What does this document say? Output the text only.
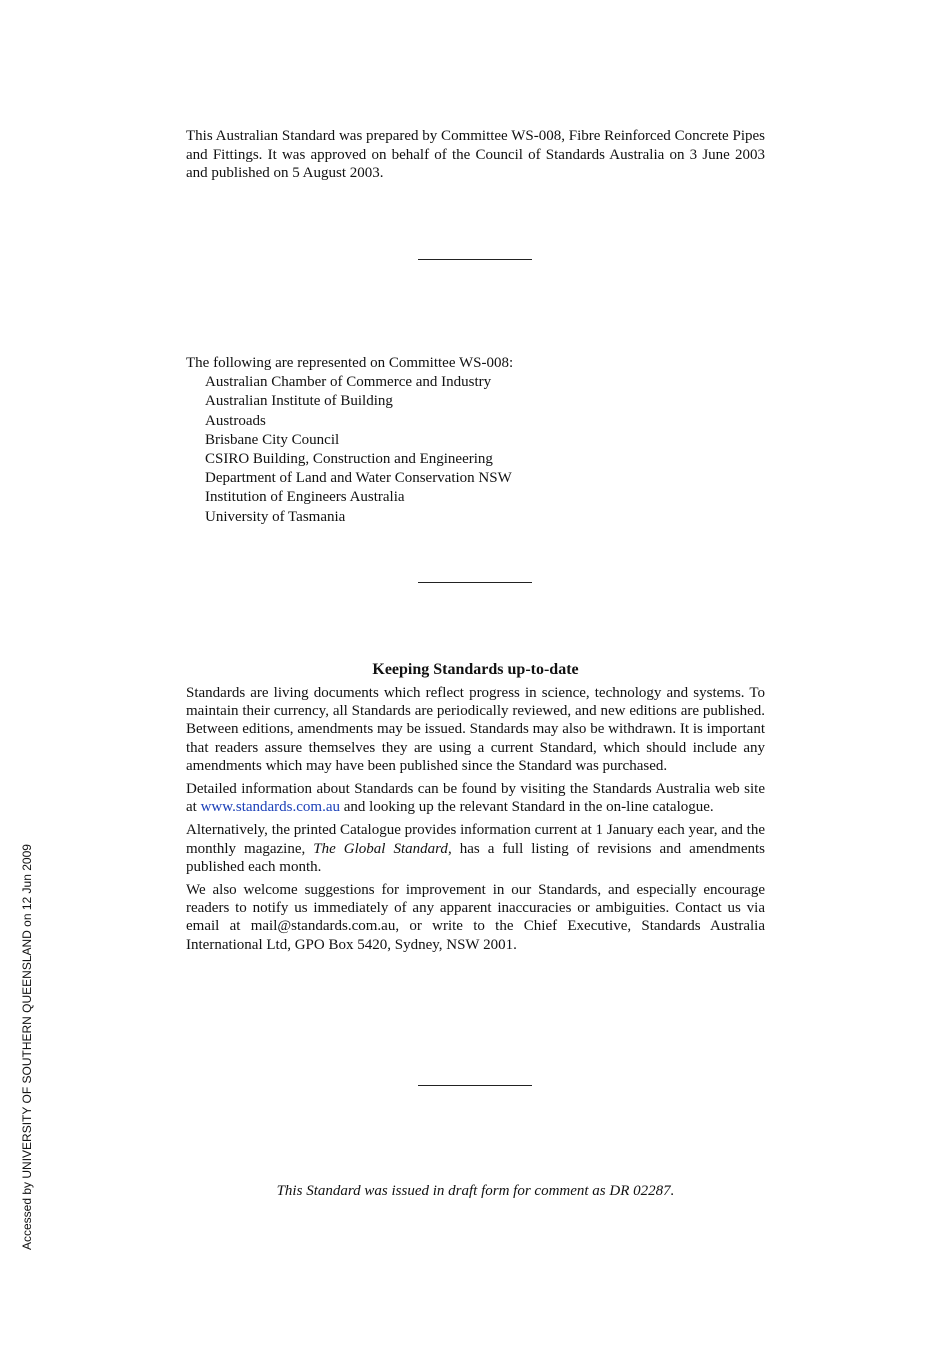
Accessed by UNIVERSITY OF SOUTHERN QUEENSLAND on 12 Jun 2009

This Australian Standard was prepared by Committee WS-008, Fibre Reinforced Concrete Pipes and Fittings. It was approved on behalf of the Council of Standards Australia on 3 June 2003 and published on 5 August 2003.

The following are represented on Committee WS-008:
Australian Chamber of Commerce and Industry
Australian Institute of Building
Austroads
Brisbane City Council
CSIRO Building, Construction and Engineering
Department of Land and Water Conservation NSW
Institution of Engineers Australia
University of Tasmania
Keeping Standards up-to-date

Standards are living documents which reflect progress in science, technology and systems. To maintain their currency, all Standards are periodically reviewed, and new editions are published. Between editions, amendments may be issued. Standards may also be withdrawn. It is important that readers assure themselves they are using a current Standard, which should include any amendments which may have been published since the Standard was purchased.

Detailed information about Standards can be found by visiting the Standards Australia web site at www.standards.com.au and looking up the relevant Standard in the on-line catalogue.

Alternatively, the printed Catalogue provides information current at 1 January each year, and the monthly magazine, The Global Standard, has a full listing of revisions and amendments published each month.

We also welcome suggestions for improvement in our Standards, and especially encourage readers to notify us immediately of any apparent inaccuracies or ambiguities. Contact us via email at mail@standards.com.au, or write to the Chief Executive, Standards Australia International Ltd, GPO Box 5420, Sydney, NSW 2001.

This Standard was issued in draft form for comment as DR 02287.
